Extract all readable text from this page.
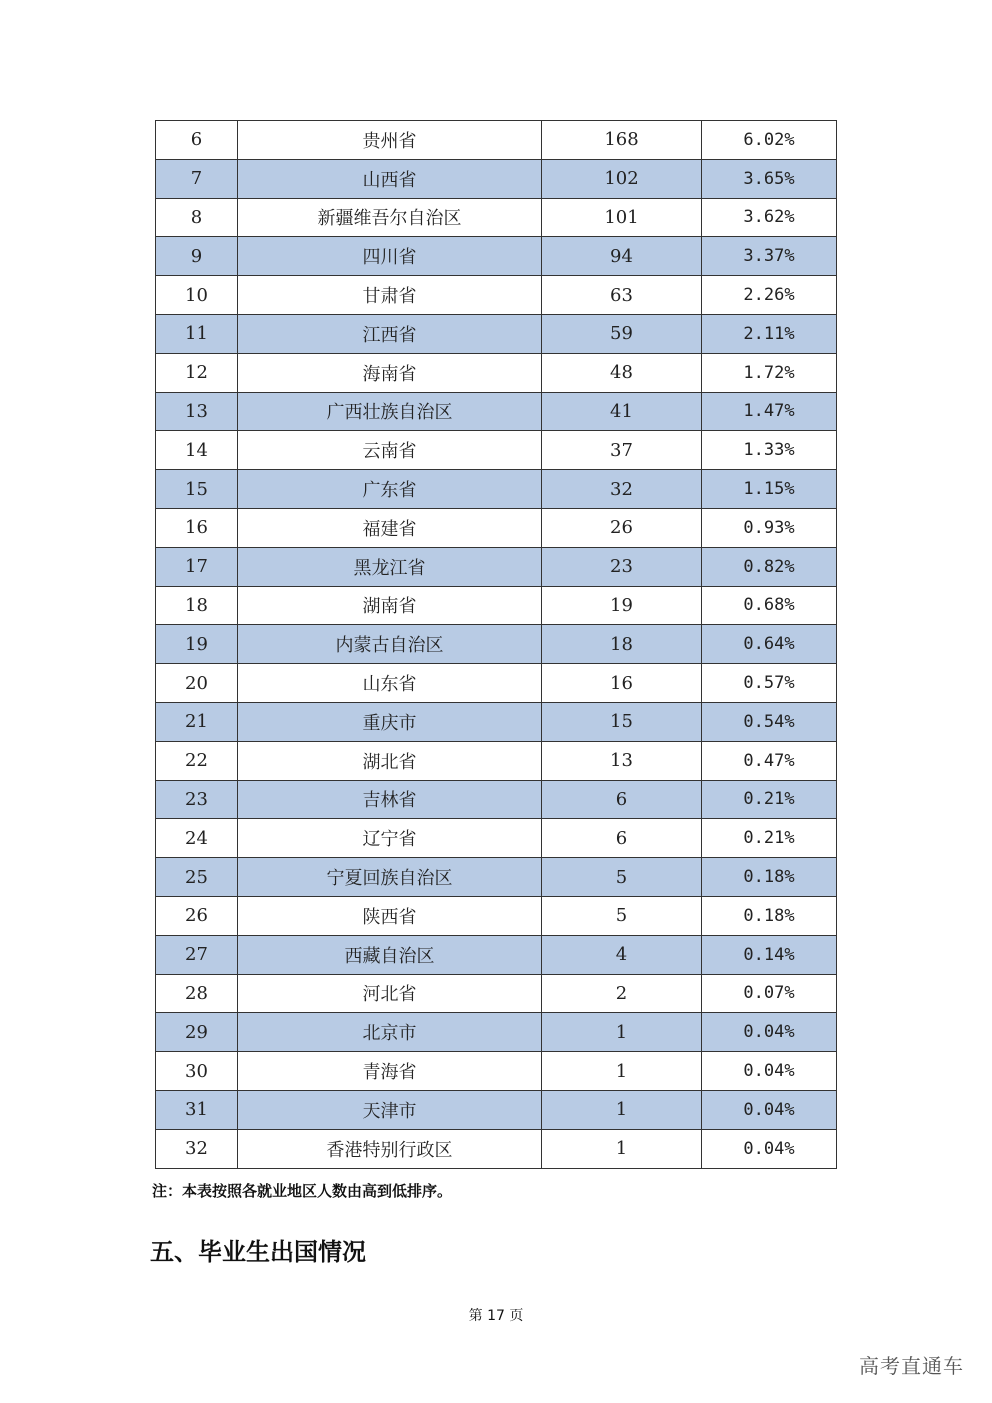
6	贵州省	168	6.02%
7	山西省	102	3.65%
8	新疆维吾尔自治区	101	3.62%
9	四川省	94	3.37%
10	甘肃省	63	2.26%
11	江西省	59	2.11%
12	海南省	48	1.72%
13	广西壮族自治区	41	1.47%
14	云南省	37	1.33%
15	广东省	32	1.15%
16	福建省	26	0.93%
17	黑龙江省	23	0.82%
18	湖南省	19	0.68%
19	内蒙古自治区	18	0.64%
20	山东省	16	0.57%
21	重庆市	15	0.54%
22	湖北省	13	0.47%
23	吉林省	6	0.21%
24	辽宁省	6	0.21%
25	宁夏回族自治区	5	0.18%
26	陕西省	5	0.18%
27	西藏自治区	4	0.14%
28	河北省	2	0.07%
29	北京市	1	0.04%
30	青海省	1	0.04%
31	天津市	1	0.04%
32	香港特别行政区	1	0.04%
注：本表按照各就业地区人数由高到低排序。
五、毕业生出国情况
第 17 页
高考直通车
